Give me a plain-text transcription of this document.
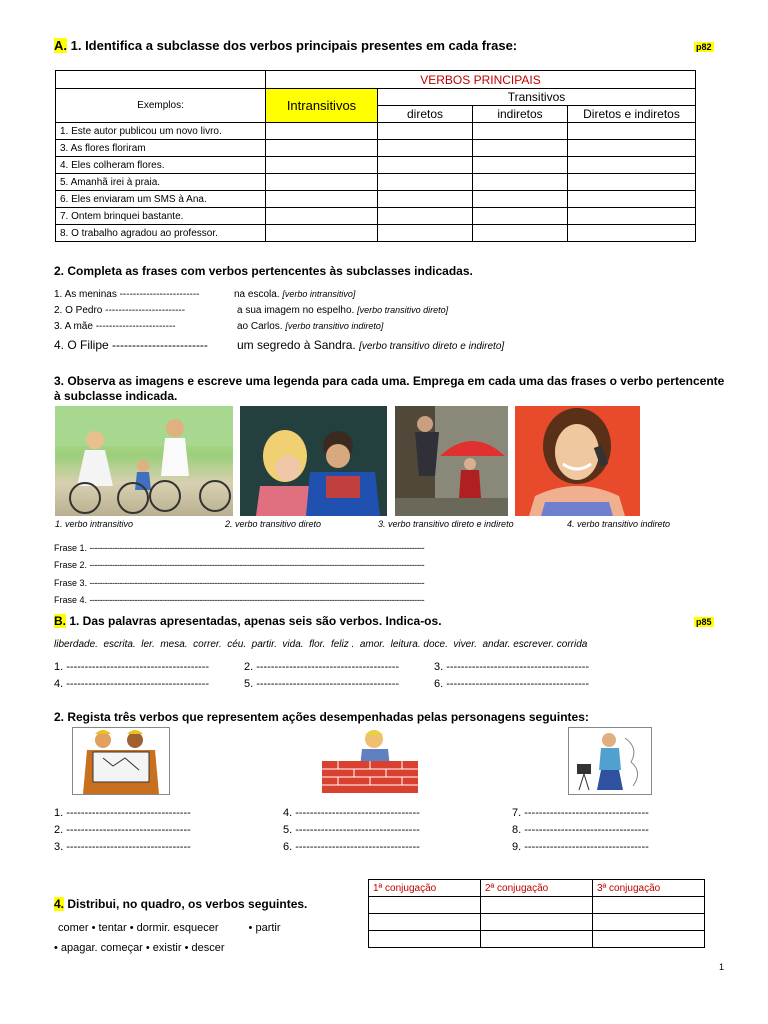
A. 1. Identifica a subclasse dos verbos principais presentes em cada frase:	p82
	VERBOS PRINCIPAIS			
Exemplos:	Intransitivos	Transitivos		
		diretos	indiretos	Diretos e indiretos
1. Este autor publicou um novo livro.				
3. As flores floriram				
4. Eles colheram flores.				
5. Amanhã irei à praia.				
6. Eles enviaram um SMS à Ana.				
7. Ontem brinquei bastante.				
8. O trabalho agradou ao professor.				
2. Completa as frases com verbos pertencentes às subclasses indicadas.
1. As meninas ------------------------	na escola. [verbo intransitivo]
2. O Pedro ------------------------	a sua imagem no espelho. [verbo transitivo direto]
3. A mãe ------------------------	ao Carlos. [verbo transitivo indireto]
4. O Filipe ------------------------ um segredo à Sandra. [verbo transitivo direto e indireto]
3. Observa as imagens e escreve uma legenda para cada uma. Emprega em cada uma das frases o verbo pertencente
à subclasse indicada.
1. verbo intransitivo	2. verbo transitivo direto	3. verbo transitivo direto e indireto	4. verbo transitivo indireto
Frase 1. --------------------------------------------------------------------------------------------------------------------------------------
Frase 2. --------------------------------------------------------------------------------------------------------------------------------------
Frase 3. --------------------------------------------------------------------------------------------------------------------------------------
Frase 4. --------------------------------------------------------------------------------------------------------------------------------------
B. 1. Das palavras apresentadas, apenas seis são verbos. Indica-os.	p85
liberdade.  escrita.  ler.  mesa.  correr.  céu.  partir.  vida.  flor.  feliz .  amor.  leitura. doce.  viver.  andar. escrever. corrida
1. ---------------------------------------	2. ---------------------------------------	3. ---------------------------------------
4. ---------------------------------------	5. ---------------------------------------	6. ---------------------------------------
2. Regista três verbos que representem ações desempenhadas pelas personagens seguintes:
1. ----------------------------------
2. ----------------------------------
3. ----------------------------------
4. ----------------------------------
5. ----------------------------------
6. ----------------------------------
7. ----------------------------------
8. ----------------------------------
9. ----------------------------------
4. Distribui, no quadro, os verbos seguintes.
comer • tentar • dormir. esquecer	• partir
• apagar. começar • existir • descer
1ª conjugação	2ª conjugação	3ª conjugação

1
